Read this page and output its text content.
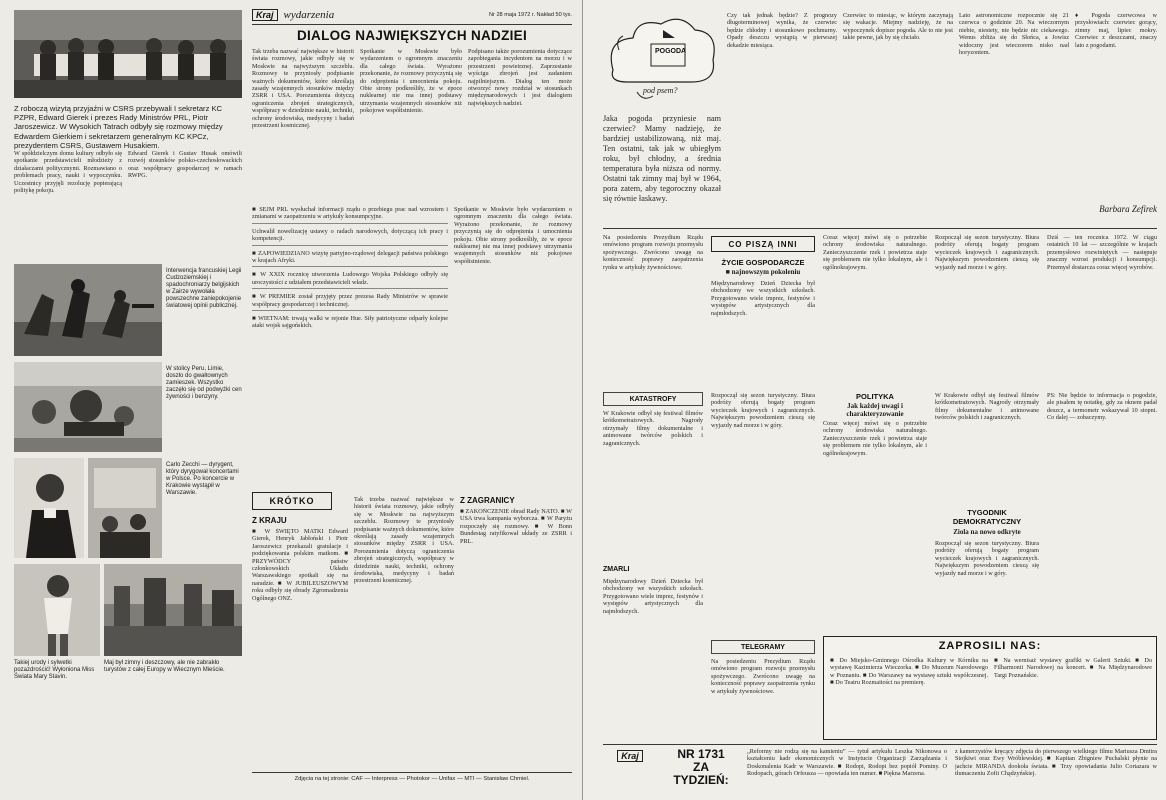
Z roboczą wizytą przyjaźni w CSRS przebywali I sekretarz KC PZPR, Edward Gierek i prezes Rady Ministrów PRL, Piotr Jaroszewicz. W Wysokich Tatrach odbyły się rozmowy między Edwardem Gierkiem i sekretarzem generalnym KC KPCz, prezydentem CSRS, Gustawem Husakiem.
Kraj wydarzenia	Nr 28 maja 1972 r. Nakład 50 tys.
DIALOG NAJWIĘKSZYCH NADZIEI
Tak trzeba nazwać największe w historii świata rozmowy, jakie odbyły się w Moskwie na najwyższym szczeblu. Rozmowy te przyniosły podpisanie ważnych dokumentów, które określają zasady wzajemnych stosunków między ZSRR i USA. Porozumienia dotyczą ograniczenia zbrojeń strategicznych, współpracy w dziedzinie nauki, techniki, ochrony środowiska, medycyny i badań przestrzeni kosmicznej.
Spotkanie w Moskwie było wydarzeniem o ogromnym znaczeniu dla całego świata. Wyrażono przekonanie, że rozmowy przyczynią się do odprężenia i umocnienia pokoju. Obie strony podkreśliły, że w epoce nuklearnej nie ma innej podstawy utrzymania wzajemnych stosunków niż pokojowe współistnienie.
Podpisano także porozumienia dotyczące zapobiegania incydentom na morzu i w przestrzeni powietrznej. Zaprzestanie wyścigu zbrojeń jest zadaniem najpilniejszym. Dialog ten może otworzyć nowy rozdział w stosunkach międzynarodowych i jest dialogiem największych nadziei.
W spółdzielczym domu kultury odbyło się spotkanie przedstawicieli młodzieży z działaczami politycznymi. Rozmawiano o problemach pracy, nauki i wypoczynku. Uczestnicy przyjęli rezolucję popierającą politykę pokoju.
Edward Gierek i Gustav Husak omówili rozwój stosunków polsko-czechosłowackich oraz współpracy gospodarczej w ramach RWPG.
Interwencja francuskiej Legii Cudzoziemskiej i spadochroniarzy belgijskich w Zairze wywołała powszechne zaniepokojenie światowej opinii publicznej.
W stolicy Peru, Limie, doszło do gwałtownych zamieszek. Wszystko zaczęło się od podwyżki cen żywności i benzyny.
Carlo Zecchi — dyrygent, który dyrygował koncertami w Polsce. Po koncercie w Krakowie wystąpił w Warszawie.
Takiej urody i sylwetki pozazdrościć! Wyłoniona Miss Świata Mary Stavin.
Maj był zimny i deszczowy, ale nie zabrakło turystów z całej Europy w Wiecznym Mieście.
■ SEJM PRL wysłuchał informacji rządu o przebiegu prac nad wzrostem i zmianami w zaopatrzeniu w artykuły konsumpcyjne.
Uchwalił nowelizację ustawy o radach narodowych, dotyczącą ich pracy i kompetencji.
■ ZAPOWIEDZIANO wizytę partyjno-rządowej delegacji państwa polskiego w krajach Afryki.
■ W XXIX rocznicę utworzenia Ludowego Wojska Polskiego odbyły się uroczystości z udziałem przedstawicieli władz.
■ W PREMIER został przyjęty przez prezesa Rady Ministrów w sprawie współpracy gospodarczej i technicznej.
■ WIETNAM: trwają walki w rejonie Hue. Siły patriotyczne odparły kolejne ataki wojsk sajgońskich.
Spotkanie w Moskwie było wydarzeniem o ogromnym znaczeniu dla całego świata. Wyrażono przekonanie, że rozmowy przyczynią się do odprężenia i umocnienia pokoju. Obie strony podkreśliły, że w epoce nuklearnej nie ma innej podstawy utrzymania wzajemnych stosunków niż pokojowe współistnienie.
KRÓTKO
Z KRAJU
■ W ŚWIĘTO MATKI Edward Gierek, Henryk Jabłoński i Piotr Jaroszewicz przekazali gratulacje i podziękowania polskim matkom. ■ PRZYWÓDCY państw członkowskich Układu Warszawskiego spotkali się na naradzie. ■ W JUBILEUSZOWYM roku odbyły się obrady Zgromadzenia Ogólnego ONZ.
Tak trzeba nazwać największe w historii świata rozmowy, jakie odbyły się w Moskwie na najwyższym szczeblu. Rozmowy te przyniosły podpisanie ważnych dokumentów, które określają zasady wzajemnych stosunków między ZSRR i USA. Porozumienia dotyczą ograniczenia zbrojeń strategicznych, współpracy w dziedzinie nauki, techniki, ochrony środowiska, medycyny i badań przestrzeni kosmicznej.
Z ZAGRANICY
■ ZAKOŃCZENIE obrad Rady NATO. ■ W USA trwa kampania wyborcza. ■ W Paryżu rozpoczęły się rozmowy. ■ W Bonn Bundestag ratyfikował układy ze ZSRR i PRL.
Zdjęcia na tej stronie: CAF — Interpress — Photokor — Unifax — MTI — Stanisław Chmiel.
POGODA
pod psem?
Jaka pogoda przyniesie nam czerwiec? Mamy nadzieję, że bardziej ustabilizowaną, niż maj. Ten ostatni, tak jak w ubiegłym roku, był chłodny, a średnia temperatura była niższa od normy. Ostatni tak zimny maj był w 1964, pora zatem, aby tegoroczny okazał się równie łaskawy.
Czy tak jednak będzie? Z prognozy długoterminowej wynika, że czerwiec będzie chłodny i stosunkowo pochmurny. Opady deszczu wystąpią w pierwszej dekadzie miesiąca.
Czerwiec to miesiąc, w którym zaczynają się wakacje. Miejmy nadzieję, że na wypoczynek dopisze pogoda. Ale to nie jest takie pewne, jak by się chciało.
Lato astronomiczne rozpocznie się 21 czerwca o godzinie 20. Na wieczornym niebie, niestety, nie będzie nic ciekawego. Wenus zbliża się do Słońca, a Jowisz widoczny jest wieczorem nisko nad horyzontem.
♦ Pogoda czerwcowa w przysłowiach: czerwiec gorący, zimny maj, lipiec mokry. Czerwiec z deszczami, znaczy lato z pogodami.
Barbara Zefirek
Na posiedzeniu Prezydium Rządu omówiono program rozwoju przemysłu spożywczego. Zwrócono uwagę na konieczność poprawy zaopatrzenia rynku w artykuły żywnościowe.
CO PISZĄ INNI
ŻYCIE GOSPODARCZE
■ najnowszym pokoleniu
Międzynarodowy Dzień Dziecka był obchodzony we wszystkich szkołach. Przygotowano wiele imprez, festynów i występów artystycznych dla najmłodszych.
Coraz więcej mówi się o potrzebie ochrony środowiska naturalnego. Zanieczyszczenie rzek i powietrza staje się problemem nie tylko lokalnym, ale i ogólnokrajowym.
Rozpoczął się sezon turystyczny. Biura podróży oferują bogaty program wycieczek krajowych i zagranicznych. Największym powodzeniem cieszą się wyjazdy nad morze i w góry.
Dziś — ten rocznica 1972. W ciągu ostatnich 10 lat — szczególnie w krajach przemysłowo rozwiniętych — następuje znaczny wzrost produkcji i konsumpcji. Przemysł dostarcza coraz więcej wyrobów.
KATASTROFY
W Krakowie odbył się festiwal filmów krótkometrażowych. Nagrody otrzymały filmy dokumentalne i animowane twórców polskich i zagranicznych.
ZMARLI
Międzynarodowy Dzień Dziecka był obchodzony we wszystkich szkołach. Przygotowano wiele imprez, festynów i występów artystycznych dla najmłodszych.
Rozpoczął się sezon turystyczny. Biura podróży oferują bogaty program wycieczek krajowych i zagranicznych. Największym powodzeniem cieszą się wyjazdy nad morze i w góry.
TELEGRAMY
Na posiedzeniu Prezydium Rządu omówiono program rozwoju przemysłu spożywczego. Zwrócono uwagę na konieczność poprawy zaopatrzenia rynku w artykuły żywnościowe.
POLITYKA
Jak każdej uwagi i charakteryzowanie
Coraz więcej mówi się o potrzebie ochrony środowiska naturalnego. Zanieczyszczenie rzek i powietrza staje się problemem nie tylko lokalnym, ale i ogólnokrajowym.
W Krakowie odbył się festiwal filmów krótkometrażowych. Nagrody otrzymały filmy dokumentalne i animowane twórców polskich i zagranicznych.
TYGODNIK DEMOKRATYCZNY
Ziola na nowo odkryte
Rozpoczął się sezon turystyczny. Biura podróży oferują bogaty program wycieczek krajowych i zagranicznych. Największym powodzeniem cieszą się wyjazdy nad morze i w góry.
PS: Nie będzie to informacja o pogodzie, ale pisałem tę notatkę, gdy za oknem padał deszcz, a termometr wskazywał 10 stopni. Co dalej — zobaczymy.
ZAPROSILI NAS:
■ Do Miejsko-Gminnego Ośrodka Kultury w Kórniku na wystawę Kazimierza Wieczorka. ■ Do Muzeum Narodowego w Poznaniu. ■ Do Warszawy na wystawę sztuki współczesnej. ■ Do Teatru Rozmaitości na premierę.
■ Na wernisaż wystawy grafiki w Galerii Sztuki. ■ Do Filharmonii Narodowej na koncert. ■ Na Międzynarodowe Targi Poznańskie.
Kraj	NR 1731
ZA
TYDZIEŃ:
„Reformy nie rodzą się na kamieniu” — tytuł artykułu Leszka Nikonowa o kształceniu kadr ekonomicznych w Instytucie Organizacji Zarządzania i Doskonalenia Kadr w Warszawie. ■ Rodopi, Rodopi bez popiół Pominy. O Rodopach, górach Orfeusza — opowiada ten numer. ■ Piękna Marzena.
z kamerzystów kręcący zdjęcia do pierwszego wielkiego filmu Mariusza Dmitra Stojkiwi oraz Ewy Wróblewskiej. ■ Kapitan Zbigniew Puchalski płynie na jachcie MIRANDA dookoła świata. ■ Trzy opowiadania Julio Cortazara w tłumaczeniu Zofii Chądzyńskiej.
